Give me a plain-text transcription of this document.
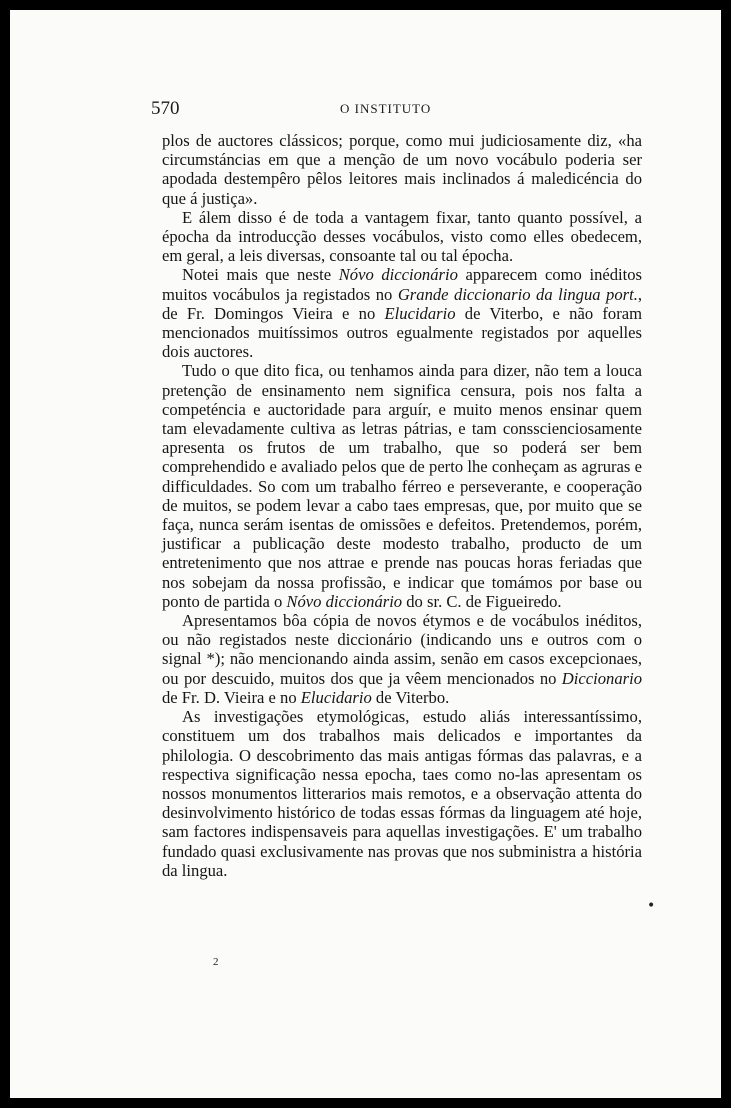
570	O INSTITUTO

plos de auctores clássicos; porque, como mui judiciosamente diz, «ha circumstáncias em que a menção de um novo vocábulo poderia ser apodada destempêro pêlos leitores mais inclinados á maledicéncia do que á justiça».

E álem disso é de toda a vantagem fixar, tanto quanto possível, a épocha da introducção desses vocábulos, visto como elles obedecem, em geral, a leis diversas, consoante tal ou tal épocha.

Notei mais que neste Nóvo diccionário apparecem como inéditos muitos vocábulos ja registados no Grande diccionario da lingua port., de Fr. Domingos Vieira e no Elucidario de Viterbo, e não foram mencionados muitíssimos outros egualmente registados por aquelles dois auctores.

Tudo o que dito fica, ou tenhamos ainda para dizer, não tem a louca pretenção de ensinamento nem significa censura, pois nos falta a competéncia e auctoridade para arguír, e muito menos ensinar quem tam elevadamente cultiva as letras pátrias, e tam consscienciosamente apresenta os frutos de um trabalho, que so poderá ser bem comprehendido e avaliado pelos que de perto lhe conheçam as agruras e difficuldades. So com um trabalho férreo e perseverante, e cooperação de muitos, se podem levar a cabo taes empresas, que, por muito que se faça, nunca serám isentas de omissões e defeitos. Pretendemos, porém, justificar a publicação deste modesto trabalho, producto de um entretenimento que nos attrae e prende nas poucas horas feriadas que nos sobejam da nossa profissão, e indicar que tomámos por base ou ponto de partida o Nóvo diccionário do sr. C. de Figueiredo.

Apresentamos bôa cópia de novos étymos e de vocábulos inéditos, ou não registados neste diccionário (indicando uns e outros com o signal *); não mencionando ainda assim, senão em casos excepcionaes, ou por descuido, muitos dos que ja vêem mencionados no Diccionario de Fr. D. Vieira e no Elucidario de Viterbo.

As investigações etymológicas, estudo aliás interessantíssimo, constituem um dos trabalhos mais delicados e importantes da philologia. O descobrimento das mais antigas fórmas das palavras, e a respectiva significação nessa epocha, taes como no-las apresentam os nossos monumentos litterarios mais remotos, e a observação attenta do desinvolvimento histórico de todas essas fórmas da linguagem até hoje, sam factores indispensaveis para aquellas investigações. E' um trabalho fundado quasi exclusivamente nas provas que nos subministra a história da lingua.

•
2
